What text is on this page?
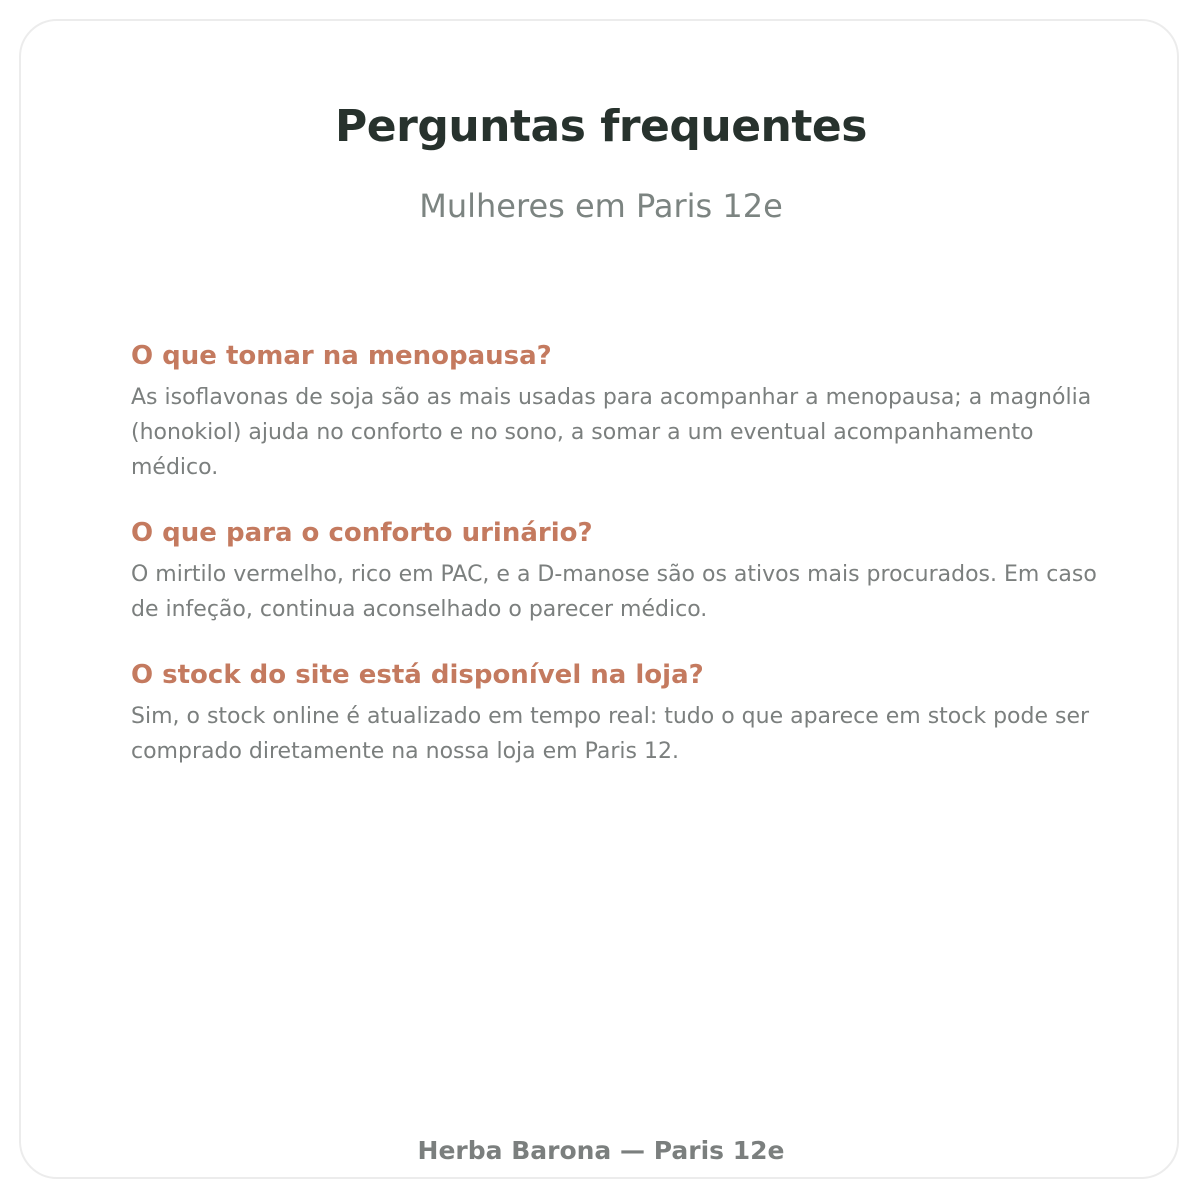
Perguntas frequentes
Mulheres em Paris 12e
O que tomar na menopausa?

As isoflavonas de soja são as mais usadas para acompanhar a menopausa; a magnólia (honokiol) ajuda no conforto e no sono, a somar a um eventual acompanhamento médico.

O que para o conforto urinário?

O mirtilo vermelho, rico em PAC, e a D-manose são os ativos mais procurados. Em caso de infeção, continua aconselhado o parecer médico.

O stock do site está disponível na loja?

Sim, o stock online é atualizado em tempo real: tudo o que aparece em stock pode ser comprado diretamente na nossa loja em Paris 12.

Herba Barona — Paris 12e
